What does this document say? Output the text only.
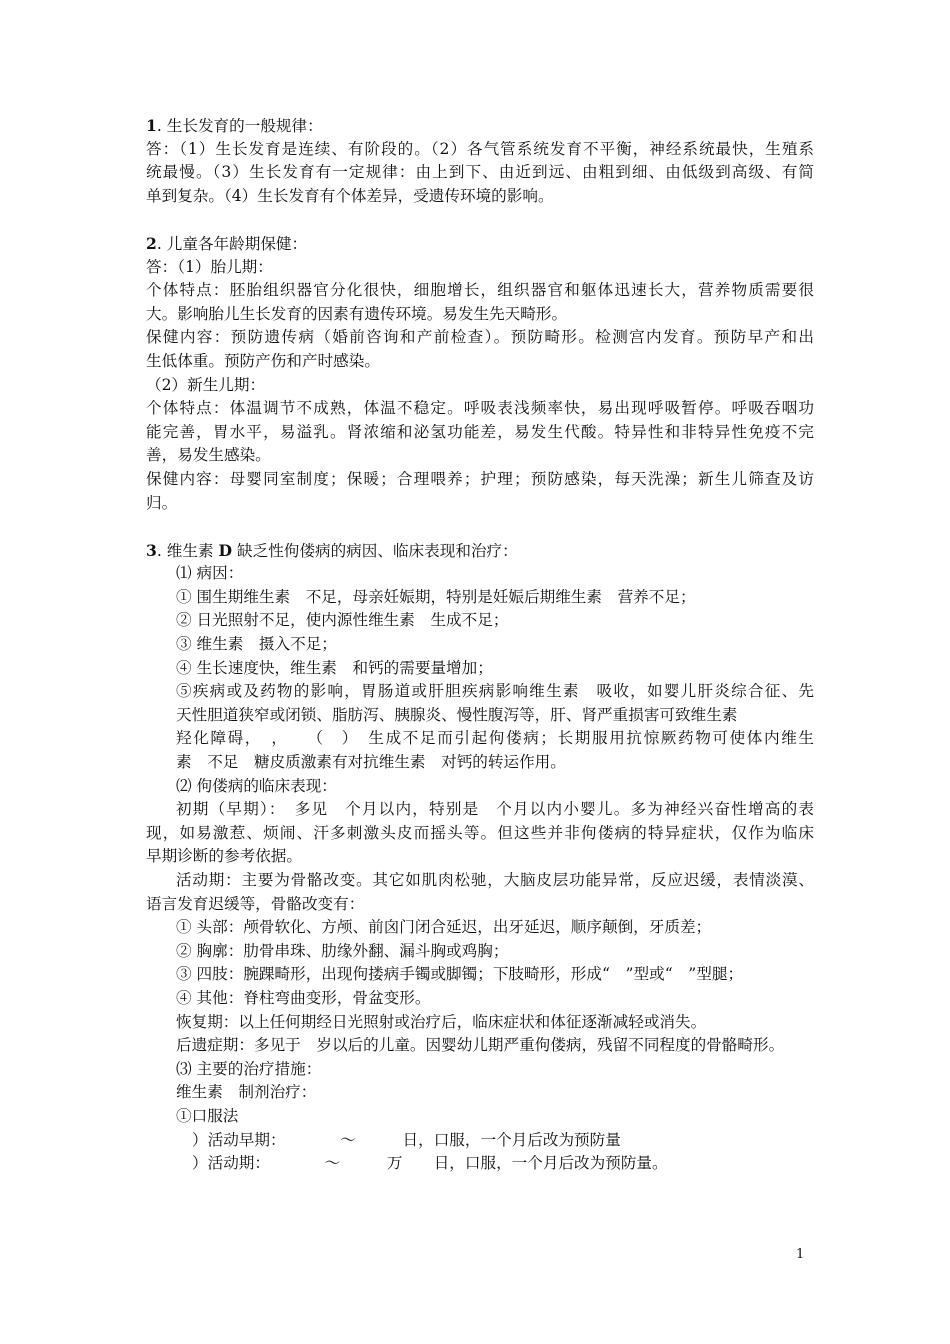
1. 生长发育的一般规律：
答：（1）生长发育是连续、有阶段的。（2）各气管系统发育不平衡，神经系统最快，生殖系
统最慢。（3）生长发育有一定规律：由上到下、由近到远、由粗到细、由低级到高级、有简
单到复杂。（4）生长发育有个体差异，受遗传环境的影响。
2. 儿童各年龄期保健：
答：（1）胎儿期：
个体特点：胚胎组织器官分化很快，细胞增长，组织器官和躯体迅速长大，营养物质需要很
大。影响胎儿生长发育的因素有遗传环境。易发生先天畸形。
保健内容：预防遗传病（婚前咨询和产前检查）。预防畸形。检测宫内发育。预防早产和出
生低体重。预防产伤和产时感染。
（2）新生儿期：
个体特点：体温调节不成熟，体温不稳定。呼吸表浅频率快，易出现呼吸暂停。呼吸吞咽功
能完善，胃水平，易溢乳。肾浓缩和泌氢功能差，易发生代酸。特异性和非特异性免疫不完
善，易发生感染。
保健内容：母婴同室制度；保暖；合理喂养；护理；预防感染，每天洗澡；新生儿筛查及访
归。
3. 维生素 D 缺乏性佝偻病的病因、临床表现和治疗：
⑴ 病因：
① 围生期维生素　不足，母亲妊娠期，特别是妊娠后期维生素　营养不足；
② 日光照射不足，使内源性维生素　生成不足；
③ 维生素　摄入不足；
④ 生长速度快，维生素　和钙的需要量增加；
⑤疾病或及药物的影响，胃肠道或肝胆疾病影响维生素　吸收，如婴儿肝炎综合征、先
天性胆道狭窄或闭锁、脂肪泻、胰腺炎、慢性腹泻等，肝、肾严重损害可致维生素
羟化障碍，　，　　（　）　生成不足而引起佝偻病；长期服用抗惊厥药物可使体内维生
素　不足　糖皮质激素有对抗维生素　对钙的转运作用。
⑵ 佝偻病的临床表现：
初期（早期）：　多见　个月以内，特别是　个月以内小婴儿。多为神经兴奋性增高的表
现，如易激惹、烦闹、汗多刺激头皮而摇头等。但这些并非佝偻病的特异症状，仅作为临床
早期诊断的参考依据。
活动期：主要为骨骼改变。其它如肌肉松驰，大脑皮层功能异常，反应迟缓，表情淡漠、
语言发育迟缓等，骨骼改变有：
① 头部：颅骨软化、方颅、前囟门闭合延迟，出牙延迟，顺序颠倒，牙质差；
② 胸廓：肋骨串珠、肋缘外翻、漏斗胸或鸡胸；
③ 四肢：腕踝畸形，出现佝搂病手镯或脚镯；下肢畸形，形成“　”型或“　”型腿；
④ 其他：脊柱弯曲变形，骨盆变形。
恢复期：以上任何期经日光照射或治疗后，临床症状和体征逐渐减轻或消失。
后遗症期：多见于　岁以后的儿童。因婴幼儿期严重佝偻病，残留不同程度的骨骼畸形。
⑶ 主要的治疗措施：
维生素　制剂治疗：
①口服法
）活动早期：　　　　～　　　日，口服，一个月后改为预防量
）活动期：　　　　～　　　万　　日，口服，一个月后改为预防量。
1
